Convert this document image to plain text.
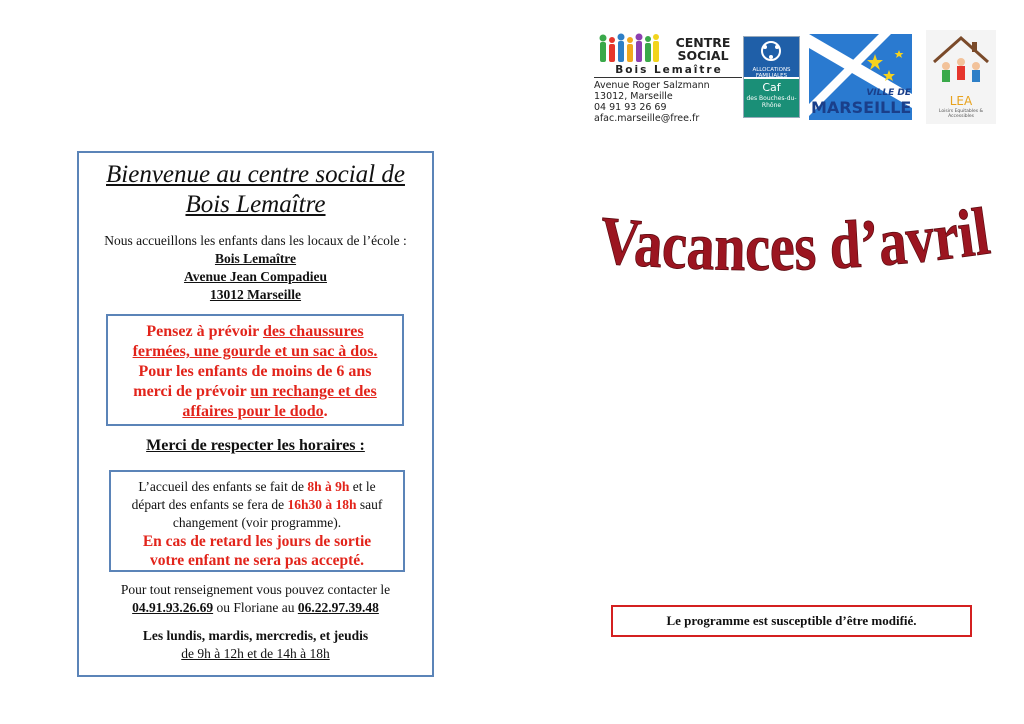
Bienvenue au centre social de
Bois Lemaître
Nous accueillons les enfants dans les locaux de l’école :
Bois Lemaître
Avenue Jean Compadieu
13012 Marseille
Pensez à prévoir des chaussures
fermées, une gourde et un sac à dos.
Pour les enfants de moins de 6 ans
merci de prévoir un rechange et des
affaires pour le dodo.
Merci de respecter les horaires :
L’accueil des enfants se fait de 8h à 9h et le
départ des enfants se fera de 16h30 à 18h sauf
changement (voir programme).
En cas de retard les jours de sortie
votre enfant ne sera pas accepté.
Pour tout renseignement vous pouvez contacter le
04.91.93.26.69 ou Floriane au 06.22.97.39.48
Les lundis, mardis, mercredis, et jeudis
de 9h à 12h et de 14h à 18h
CENTRE
SOCIAL
Bois Lemaître
Avenue Roger Salzmann
13012, Marseille
04 91 93 26 69
afac.marseille@free.fr
ALLOCATIONS FAMILIALES
Caf
des Bouches-du-Rhône
VILLE DE
MARSEILLE	LEA
Loisirs Equitables & Accessibles
Vacances d’avril
Le programme est susceptible d’être modifié.
